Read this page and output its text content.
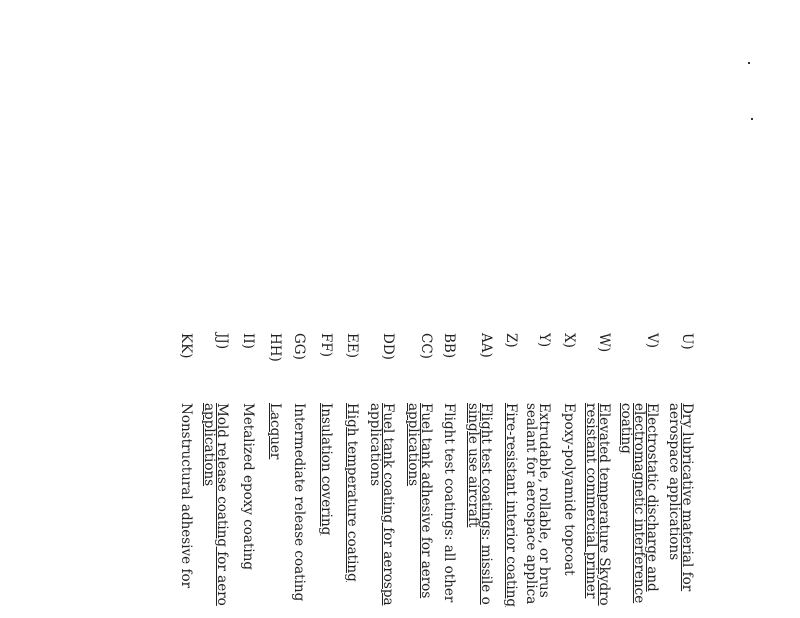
U)
Dry lubricative material for
aerospace applications
V)
Electrostatic discharge and
electromagnetic interference
coating
W)
Elevated temperature Skydro
resistant commercial primer
X)
Epoxy-polyamide topcoat
Y)
Extrudable, rollable, or brus
sealant for aerospace applica
Z)
Fire-resistant interior coating
AA)
Flight test coatings: missile o
single use aircraft
BB)
Flight test coatings: all other
CC)
Fuel tank adhesive for aeros
applications
DD)
Fuel tank coating for aerospa
applications
EE)
High temperature coating
FF)
Insulation covering
GG)
Intermediate release coating
HH)
Lacquer
II)
Metalized epoxy coating
JJ)
Mold release coating for aero
applications
KK)
Nonstructural adhesive for
